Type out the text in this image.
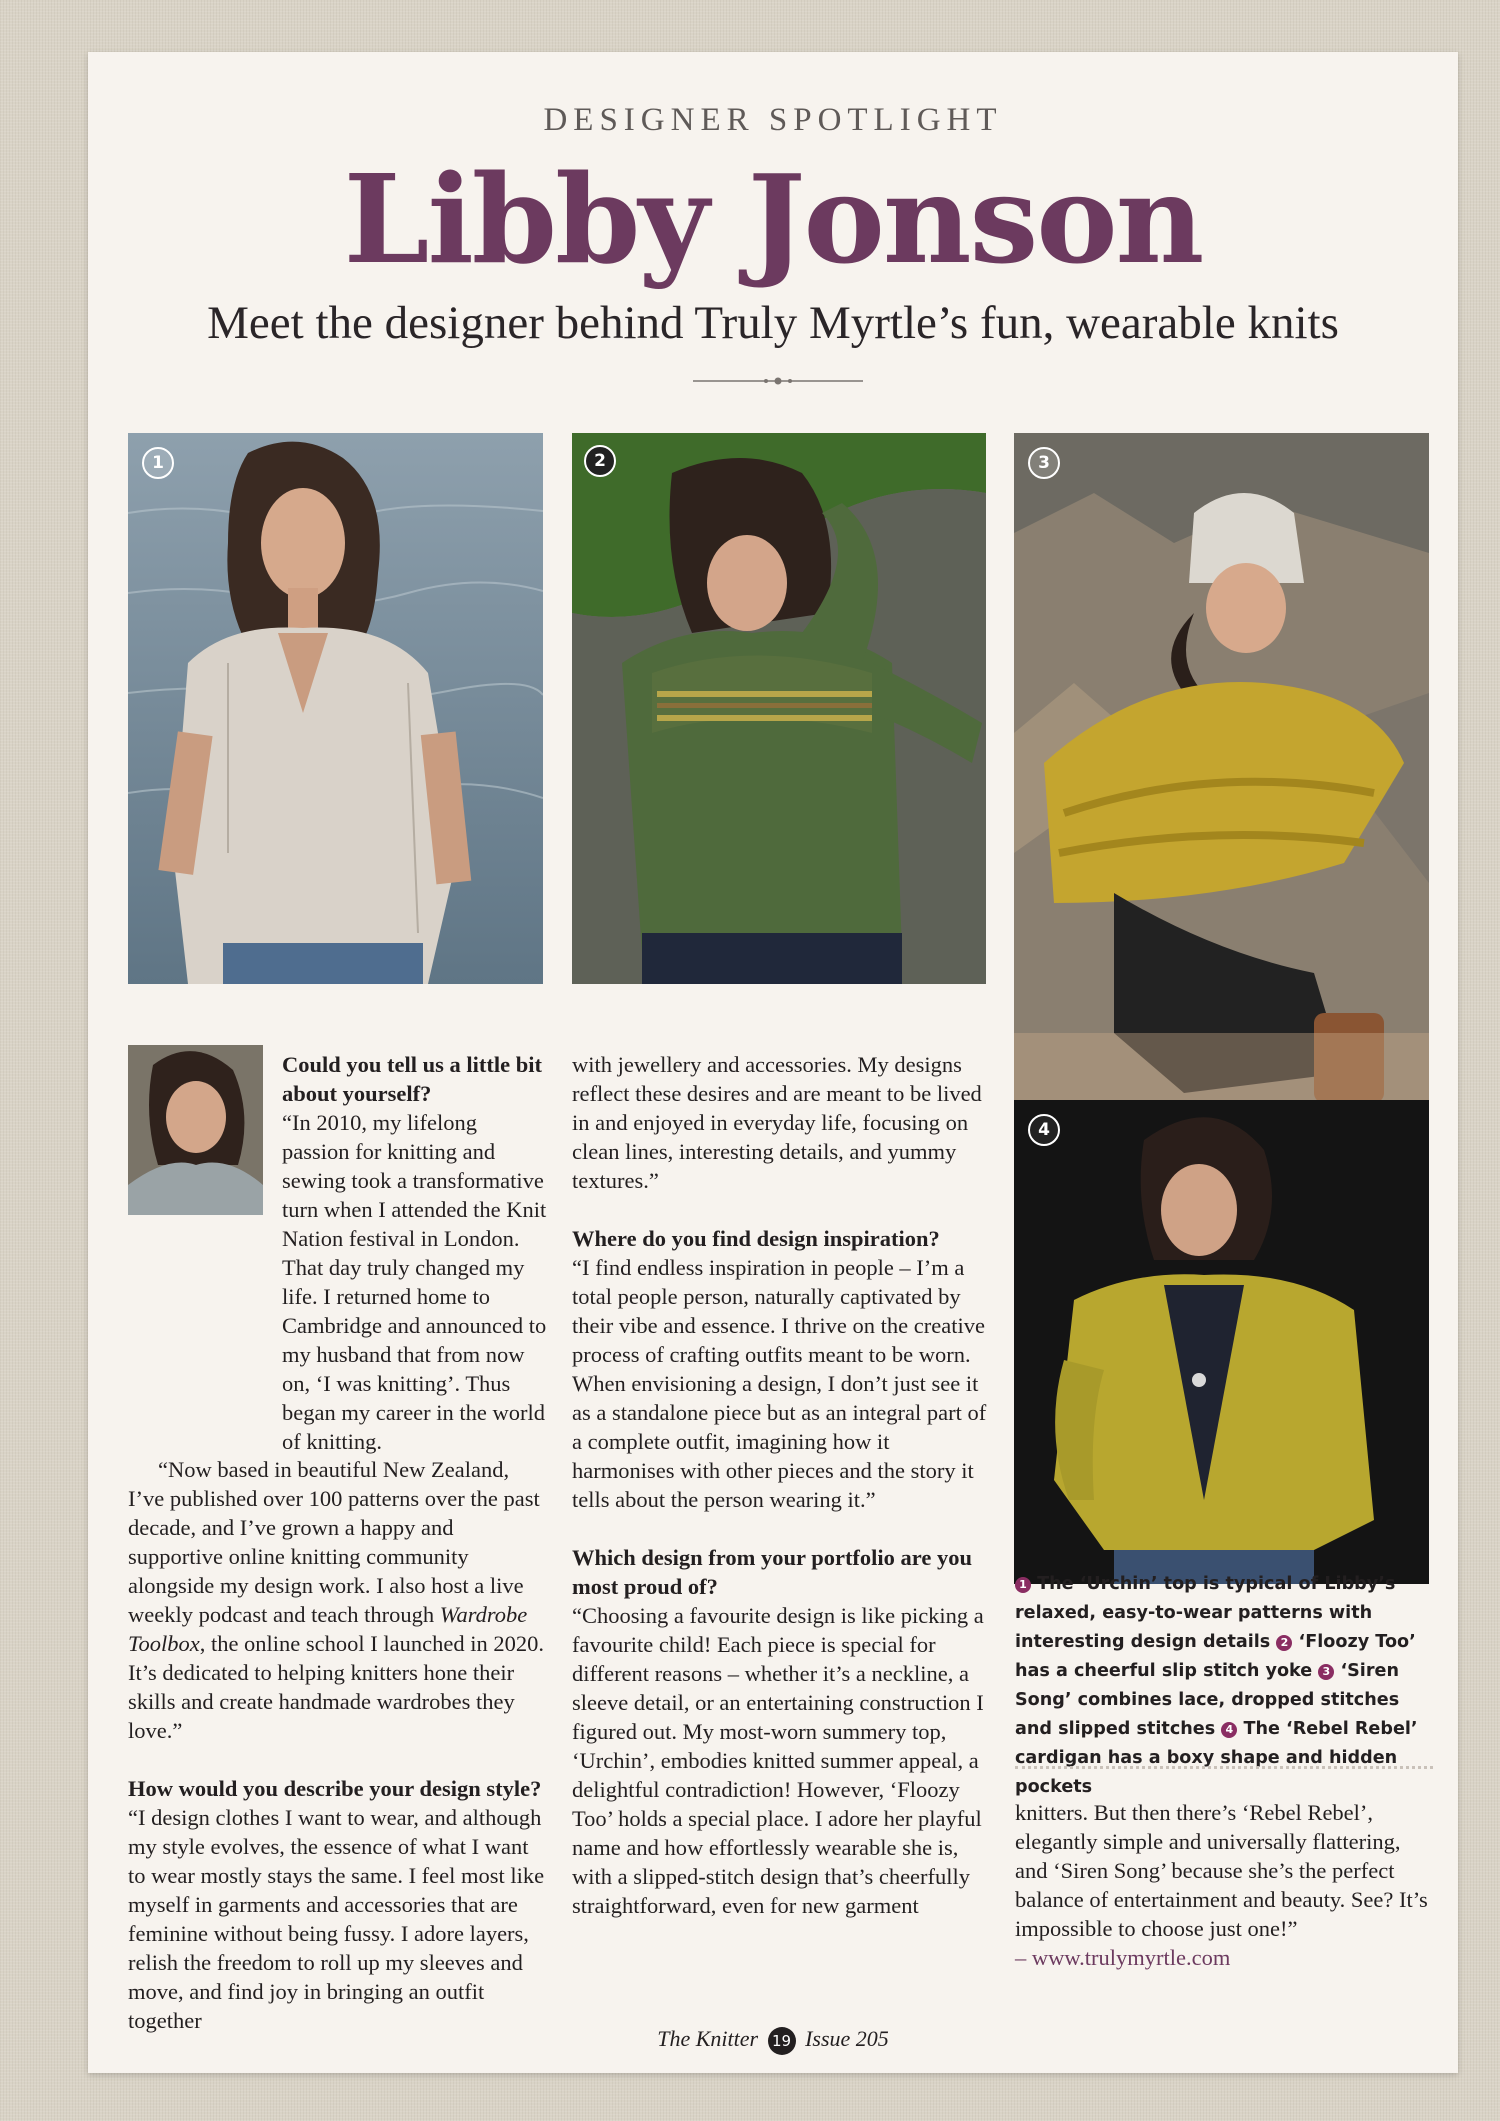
DESIGNER SPOTLIGHT
Libby Jonson
Meet the designer behind Truly Myrtle’s fun, wearable knits
1	2	3
4

Could you tell us a little bit about yourself?

“In 2010, my lifelong passion for knitting and sewing took a transformative turn when I attended the Knit Nation festival in London. That day truly changed my life. I returned home to Cambridge and announced to my husband that from now on, ‘I was knitting’. Thus began my career in the world of knitting.

“Now based in beautiful New Zealand, I’ve published over 100 patterns over the past decade, and I’ve grown a happy and supportive online knitting community alongside my design work. I also host a live weekly podcast and teach through Wardrobe Toolbox, the online school I launched in 2020. It’s dedicated to helping knitters hone their skills and create handmade wardrobes they love.”

How would you describe your design style?

“I design clothes I want to wear, and although my style evolves, the essence of what I want to wear mostly stays the same. I feel most like myself in garments and accessories that are feminine without being fussy. I adore layers, relish the freedom to roll up my sleeves and move, and find joy in bringing an outfit together

with jewellery and accessories. My designs reflect these desires and are meant to be lived in and enjoyed in everyday life, focusing on clean lines, interesting details, and yummy textures.”

Where do you find design inspiration?

“I find endless inspiration in people – I’m a total people person, naturally captivated by their vibe and essence. I thrive on the creative process of crafting outfits meant to be worn. When envisioning a design, I don’t just see it as a standalone piece but as an integral part of a complete outfit, imagining how it harmonises with other pieces and the story it tells about the person wearing it.”

Which design from your portfolio are you most proud of?

“Choosing a favourite design is like picking a favourite child! Each piece is special for different reasons – whether it’s a neckline, a sleeve detail, or an entertaining construction I figured out. My most-worn summery top, ‘Urchin’, embodies knitted summer appeal, a delightful contradiction! However, ‘Floozy Too’ holds a special place. I adore her playful name and how effortlessly wearable she is, with a slipped-stitch design that’s cheerfully straightforward, even for new garment

1 The ‘Urchin’ top is typical of Libby’s relaxed, easy-to-wear patterns with interesting design details 2 ‘Floozy Too’ has a cheerful slip stitch yoke 3 ‘Siren Song’ combines lace, dropped stitches and slipped stitches 4 The ‘Rebel Rebel’ cardigan has a boxy shape and hidden pockets

knitters. But then there’s ‘Rebel Rebel’, elegantly simple and universally flattering, and ‘Siren Song’ because she’s the perfect balance of entertainment and beauty. See? It’s impossible to choose just one!”

– www.trulymyrtle.com

The Knitter 19 Issue 205
